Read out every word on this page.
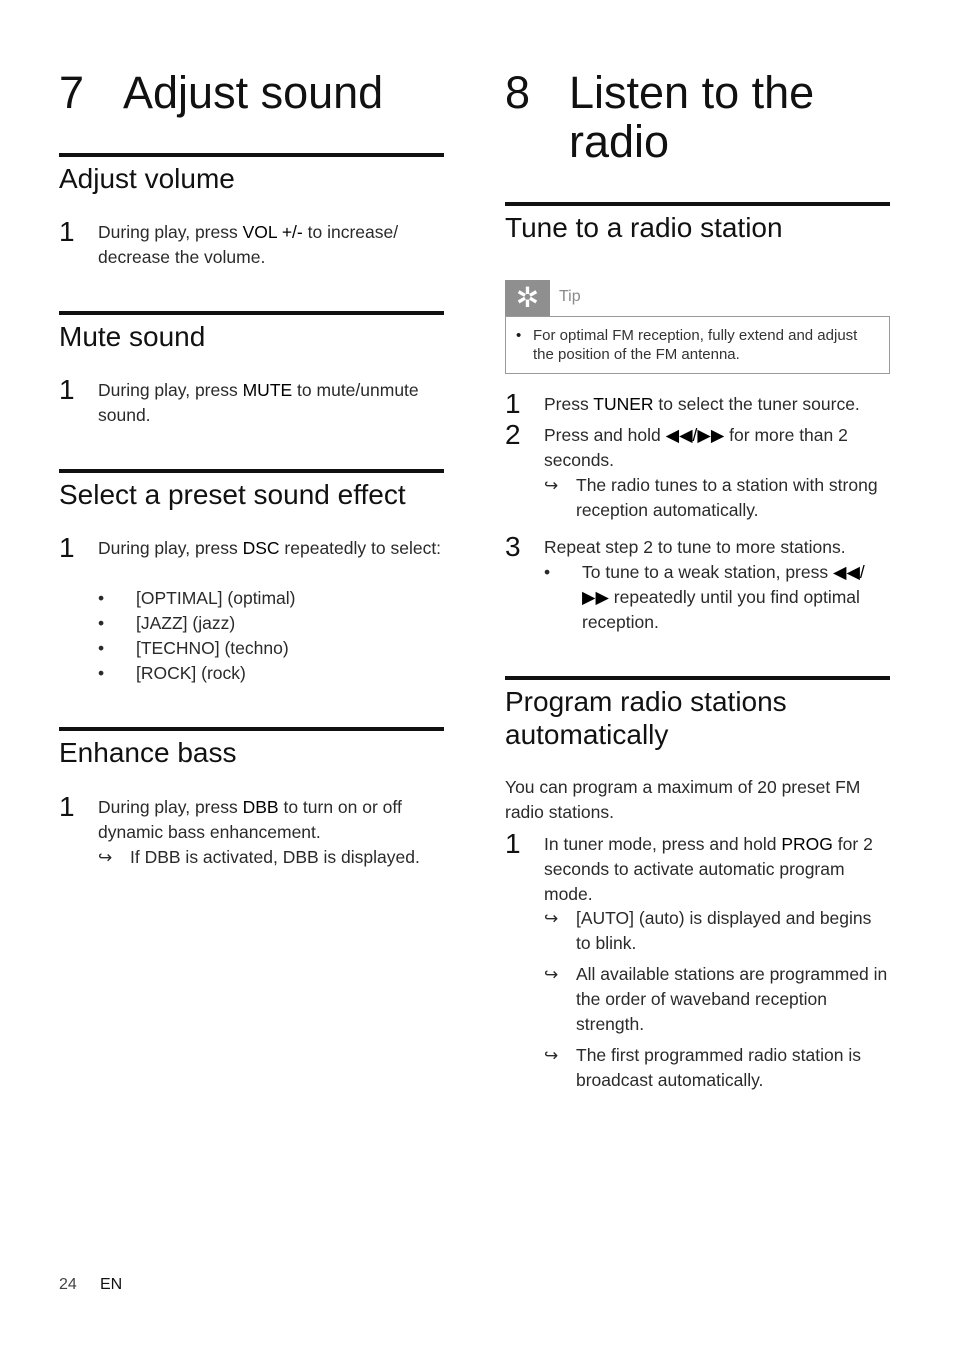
7 Adjust sound
Adjust volume
1 During play, press VOL +/- to increase/ decrease the volume.
Mute sound
1 During play, press MUTE to mute/unmute sound.
Select a preset sound effect
1 During play, press DSC repeatedly to select:
• [OPTIMAL] (optimal)
• [JAZZ] (jazz)
• [TECHNO] (techno)
• [ROCK] (rock)
Enhance bass
1 During play, press DBB to turn on or off dynamic bass enhancement.
↪ If DBB is activated, DBB is displayed.
8 Listen to the
radio
Tune to a radio station
✲	Tip
• For optimal FM reception, fully extend and adjust the position of the FM antenna.
1 Press TUNER to select the tuner source.
2 Press and hold ◀◀/▶▶ for more than 2 seconds.
↪ The radio tunes to a station with strong reception automatically.
3 Repeat step 2 to tune to more stations.
• To tune to a weak station, press ◀◀/ ▶▶ repeatedly until you find optimal reception.
Program radio stations
automatically
You can program a maximum of 20 preset FM radio stations.
1 In tuner mode, press and hold PROG for 2 seconds to activate automatic program mode.
↪ [AUTO] (auto) is displayed and begins to blink.
↪ All available stations are programmed in the order of waveband reception strength.
↪ The first programmed radio station is broadcast automatically.
24 EN
